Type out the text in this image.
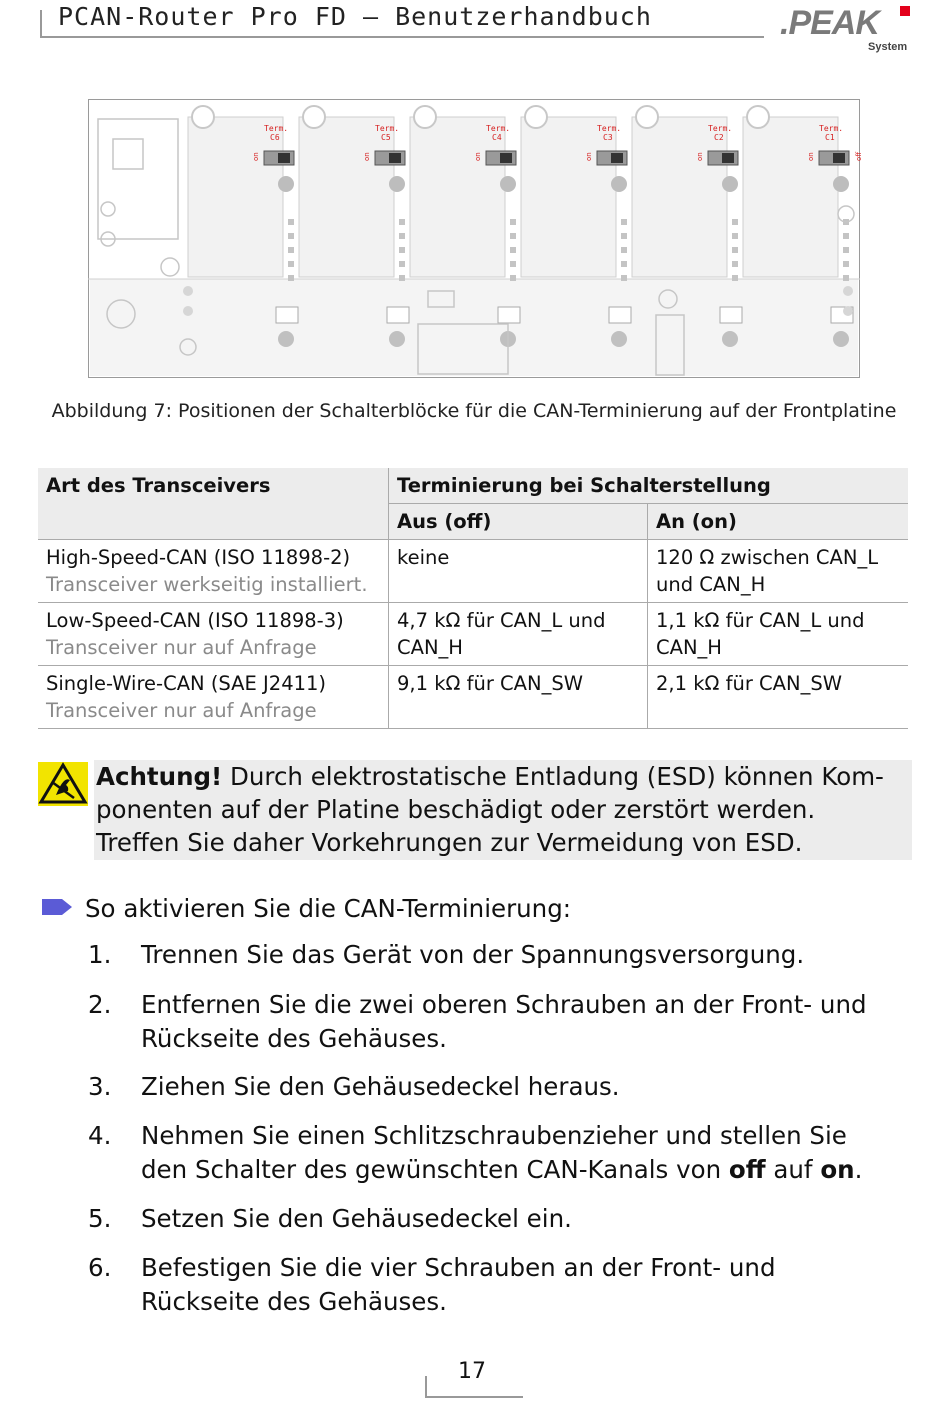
PCAN-Router Pro FD – Benutzerhandbuch	.PEAK
System
Term.
C6
on
Term.
C5
on
Term.
C4
on
Term.
C3
on
Term.
C2
on
Term.
C1
on	off
Abbildung 7: Positionen der Schalterblöcke für die CAN-Terminierung auf der Frontplatine
Art des Transceivers	Terminierung bei Schalterstellung	
	Aus (off)	An (on)
High-Speed-CAN (ISO 11898-2)
Transceiver werkseitig installiert.	keine	120 Ω zwischen CAN_L und CAN_H
Low-Speed-CAN (ISO 11898-3)
Transceiver nur auf Anfrage	4,7 kΩ für CAN_L und CAN_H	1,1 kΩ für CAN_L und CAN_H
Single-Wire-CAN (SAE J2411)
Transceiver nur auf Anfrage	9,1 kΩ für CAN_SW	2,1 kΩ für CAN_SW
Achtung! Durch elektrostatische Entladung (ESD) können Kom-
ponenten auf der Platine beschädigt oder zerstört werden.
Treffen Sie daher Vorkehrungen zur Vermeidung von ESD.
So aktivieren Sie die CAN-Terminierung:
1. Trennen Sie das Gerät von der Spannungsversorgung.
2. Entfernen Sie die zwei oberen Schrauben an der Front- und
Rückseite des Gehäuses.
3. Ziehen Sie den Gehäusedeckel heraus.
4. Nehmen Sie einen Schlitzschraubenzieher und stellen Sie
den Schalter des gewünschten CAN-Kanals von off auf on.
5. Setzen Sie den Gehäusedeckel ein.
6. Befestigen Sie die vier Schrauben an der Front- und
Rückseite des Gehäuses.
17
